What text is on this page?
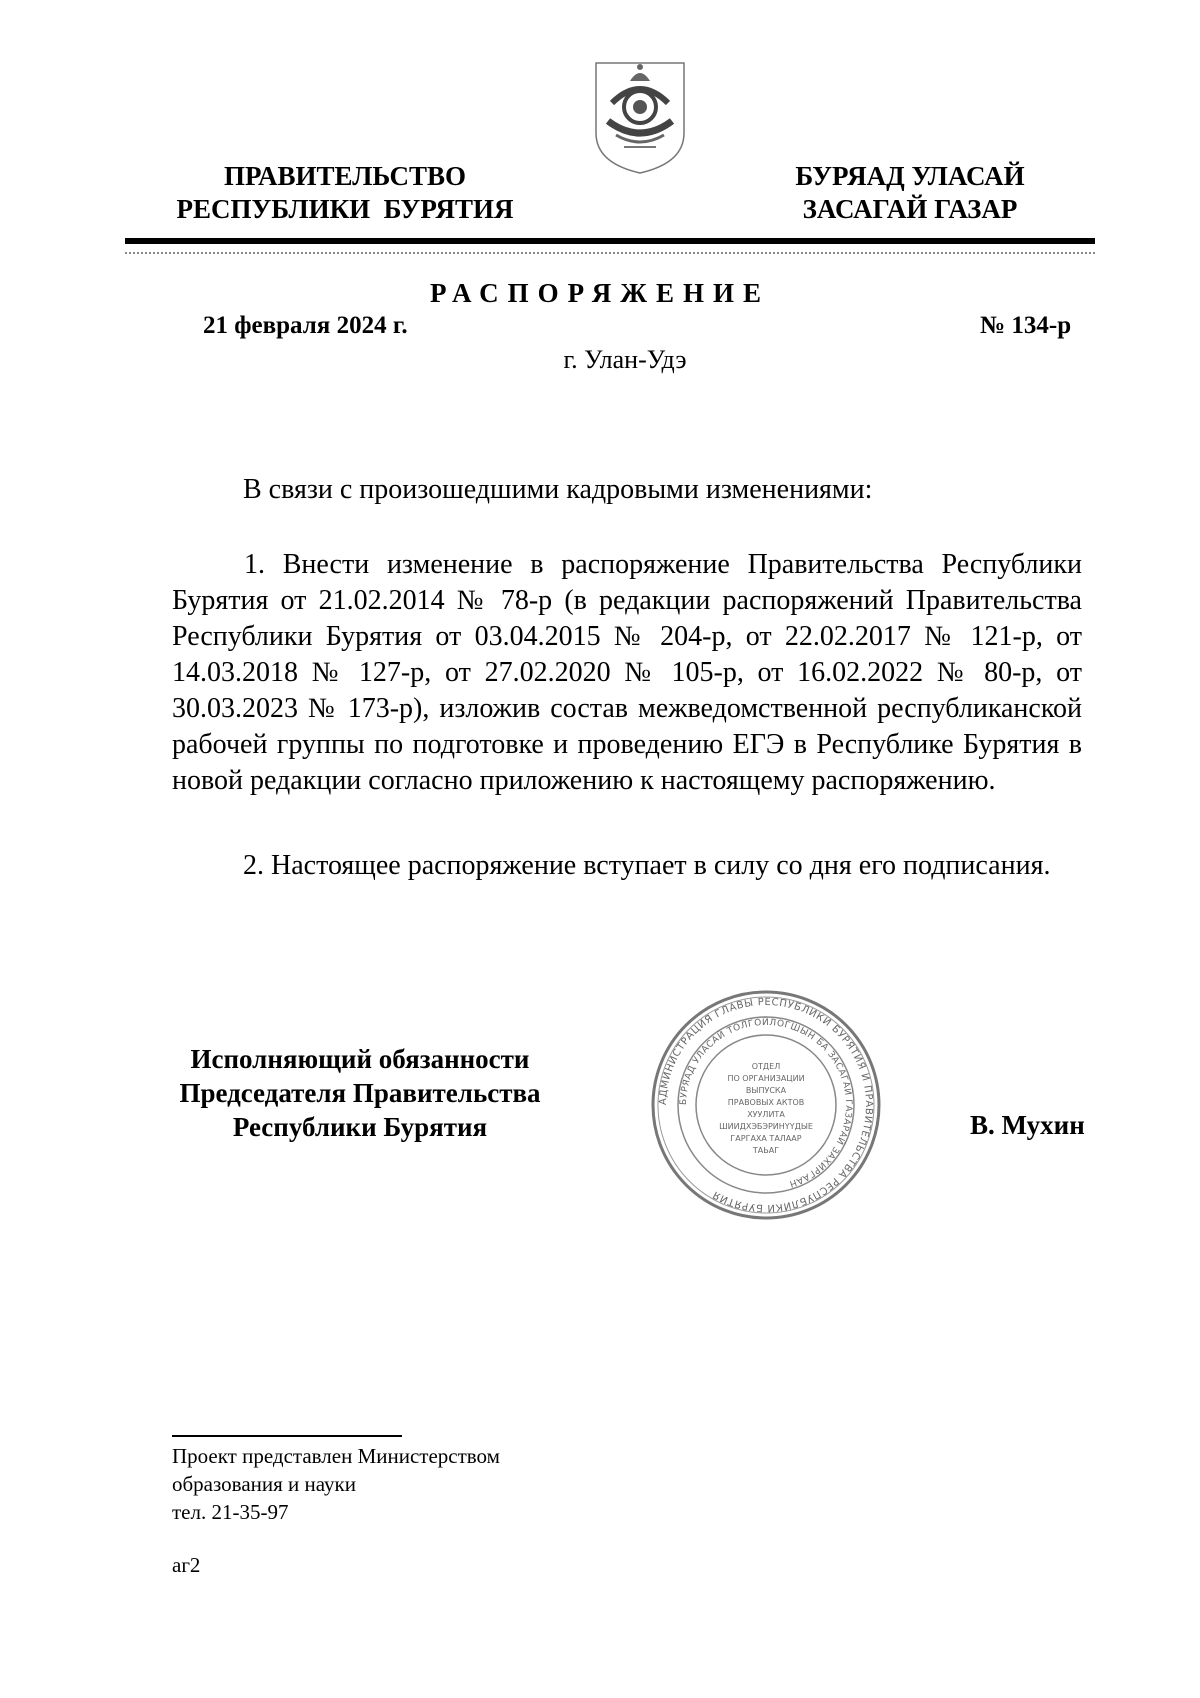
ПРАВИТЕЛЬСТВО
РЕСПУБЛИКИ  БУРЯТИЯ
БУРЯАД УЛАСАЙ
ЗАСАГАЙ ГАЗАР
РАСПОРЯЖЕНИЕ
21 февраля 2024 г.	№ 134-р
г. Улан-Удэ
В связи с произошедшими кадровыми изменениями:
1. Внести изменение в распоряжение Правительства Республики Бурятия от 21.02.2014 № 78-р (в редакции распоряжений Правительства Республики Бурятия от 03.04.2015 № 204-р, от 22.02.2017 № 121-р, от 14.03.2018 № 127-р, от 27.02.2020 № 105-р, от 16.02.2022 № 80-р, от 30.03.2023 № 173-р), изложив состав межведомственной республиканской рабочей группы по подготовке и проведению ЕГЭ в Республике Бурятия в новой редакции согласно приложению к настоящему распоряжению.
2. Настоящее распоряжение вступает в силу со дня его подписания.
Исполняющий обязанности
Председателя Правительства
Республики Бурятия
АДМИНИСТРАЦИЯ ГЛАВЫ РЕСПУБЛИКИ БУРЯТИЯ И ПРАВИТЕЛЬСТВА РЕСПУБЛИКИ БУРЯТИЯ
БУРЯАД УЛАСАЙ ТОЛГОЙЛОГШЫН БА ЗАСАГАЙ ГАЗАРАЙ ЗАХИРГААН
ОТДЕЛ
ПО ОРГАНИЗАЦИИ
ВЫПУСКА
ПРАВОВЫХ АКТОВ
ХУУЛИТА
ШИИДХЭБЭРИНҮҮДЫЕ
ГАРГАХА ТАЛААР
ТАЬАГ
В. Мухин
Проект представлен Министерством
образования и науки
тел. 21-35-97
аг2
